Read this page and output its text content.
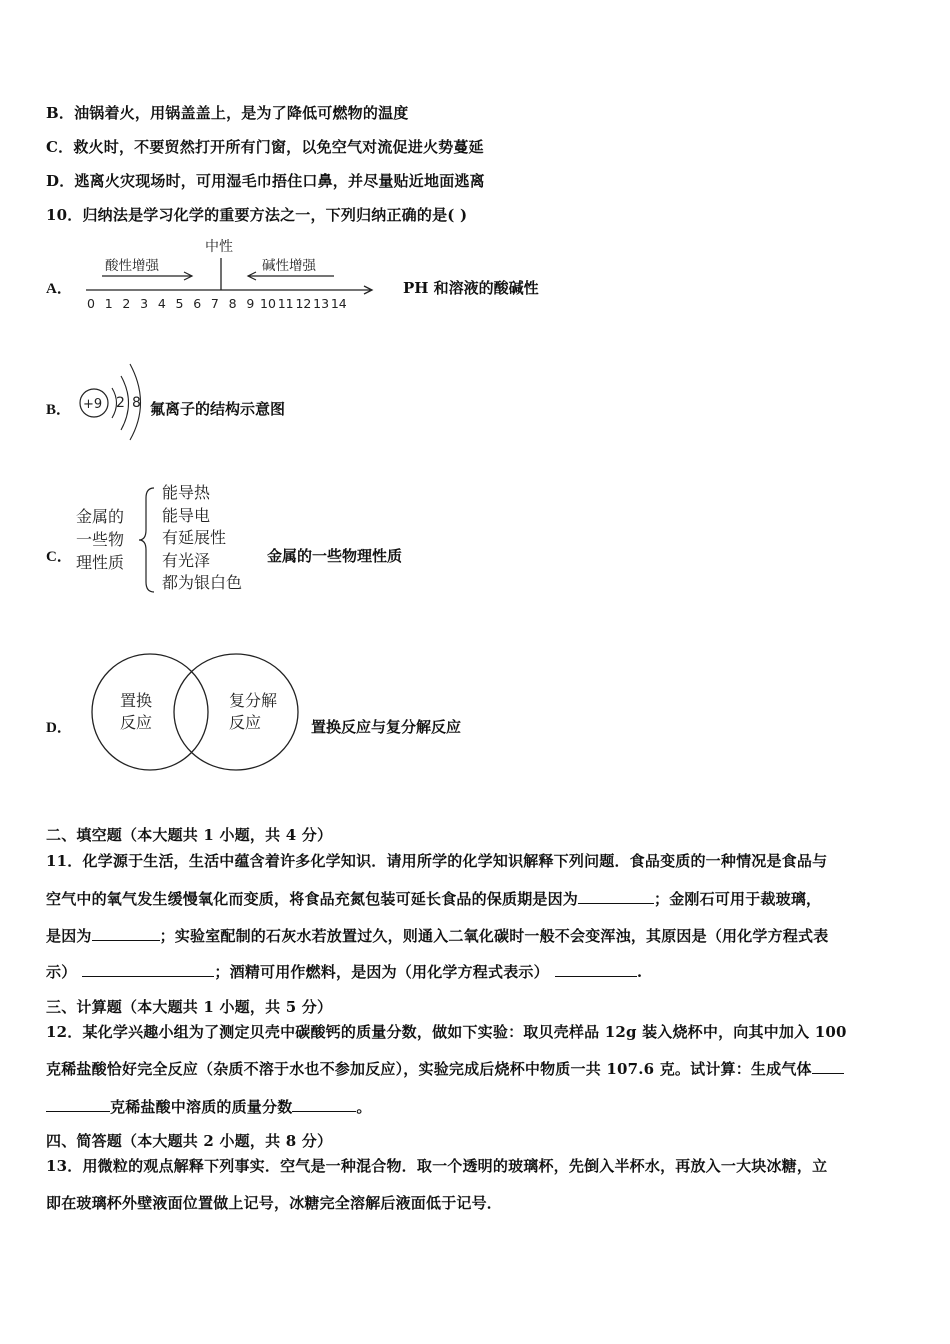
B．油锅着火，用锅盖盖上，是为了降低可燃物的温度
C．救火时，不要贸然打开所有门窗，以免空气对流促进火势蔓延
D．逃离火灾现场时，可用湿毛巾捂住口鼻，并尽量贴近地面逃离
10．归纳法是学习化学的重要方法之一，下列归纳正确的是( )
A．
中性
酸性增强	碱性增强
0 1 2 3 4 5 6 7 8 9 10 11 12 13 14
PH 和溶液的酸碱性
B． +9 2 8 氟离子的结构示意图
C．
金属的
一些物
理性质
能导热
能导电
有延展性
有光泽
都为银白色
金属的一些物理性质
D．
置换
反应
复分解
反应	置换反应与复分解反应
二、填空题（本大题共 1 小题，共 4 分）
11．化学源于生活，生活中蕴含着许多化学知识．请用所学的化学知识解释下列问题．食品变质的一种情况是食品与
空气中的氧气发生缓慢氧化而变质，将食品充氮包装可延长食品的保质期是因为	；金刚石可用于裁玻璃，
是因为	；实验室配制的石灰水若放置过久，则通入二氧化碳时一般不会变浑浊，其原因是（用化学方程式表
示）	；酒精可用作燃料，是因为（用化学方程式表示）	.
三、计算题（本大题共 1 小题，共 5 分）
12．某化学兴趣小组为了测定贝壳中碳酸钙的质量分数，做如下实验：取贝壳样品 12g 装入烧杯中，向其中加入 100
克稀盐酸恰好完全反应（杂质不溶于水也不参加反应），实验完成后烧杯中物质一共 107.6 克。试计算：生成气体
克稀盐酸中溶质的质量分数	。
四、简答题（本大题共 2 小题，共 8 分）
13．用微粒的观点解释下列事实．空气是一种混合物．取一个透明的玻璃杯，先倒入半杯水，再放入一大块冰糖，立
即在玻璃杯外壁液面位置做上记号，冰糖完全溶解后液面低于记号．
